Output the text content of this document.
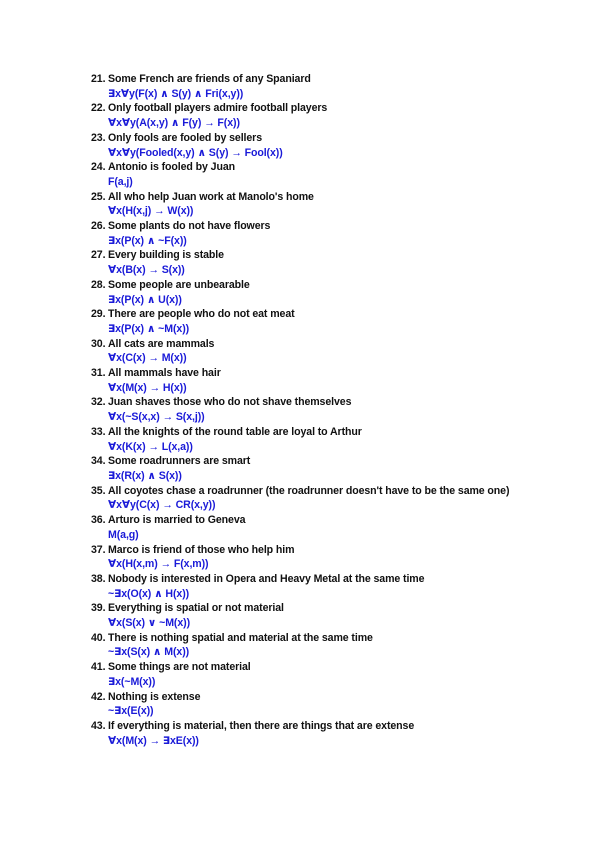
21. Some French are friends of any Spaniard
∃x∀y(F(x) ∧ S(y) ∧ Fri(x,y))
22. Only football players admire football players
∀x∀y(A(x,y) ∧ F(y) → F(x))
23. Only fools are fooled by sellers
∀x∀y(Fooled(x,y) ∧ S(y) → Fool(x))
24. Antonio is fooled by Juan
F(a,j)
25. All who help Juan work at Manolo's home
∀x(H(x,j) → W(x))
26. Some plants do not have flowers
∃x(P(x) ∧ ~F(x))
27. Every building is stable
∀x(B(x) → S(x))
28. Some people are unbearable
∃x(P(x) ∧ U(x))
29. There are people who do not eat meat
∃x(P(x) ∧ ~M(x))
30. All cats are mammals
∀x(C(x) → M(x))
31. All mammals have hair
∀x(M(x) → H(x))
32. Juan shaves those who do not shave themselves
∀x(~S(x,x) → S(x,j))
33. All the knights of the round table are loyal to Arthur
∀x(K(x) → L(x,a))
34. Some roadrunners are smart
∃x(R(x) ∧ S(x))
35. All coyotes chase a roadrunner (the roadrunner doesn't have to be the same one)
∀x∀y(C(x) → CR(x,y))
36. Arturo is married to Geneva
M(a,g)
37. Marco is friend of those who help him
∀x(H(x,m) → F(x,m))
38. Nobody is interested in Opera and Heavy Metal at the same time
~∃x(O(x) ∧ H(x))
39. Everything is spatial or not material
∀x(S(x) ∨ ~M(x))
40. There is nothing spatial and material at the same time
~∃x(S(x) ∧ M(x))
41. Some things are not material
∃x(~M(x))
42. Nothing is extense
~∃x(E(x))
43. If everything is material, then there are things that are extense
∀x(M(x) → ∃xE(x))
